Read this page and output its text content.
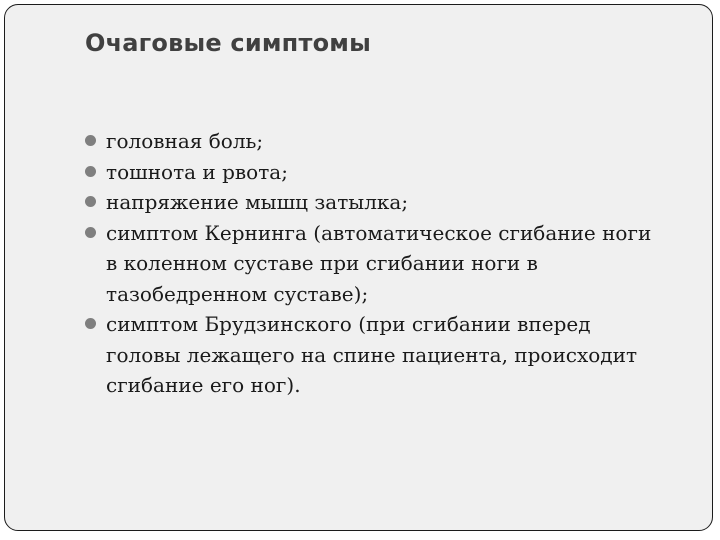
Очаговые симптомы
головная боль;
тошнота и рвота;
напряжение мышц затылка;
симптом Кернинга (автоматическое сгибание ноги в коленном суставе при сгибании ноги в тазобедренном суставе);
симптом Брудзинского (при сгибании вперед головы лежащего на спине пациента, происходит сгибание его ног).
